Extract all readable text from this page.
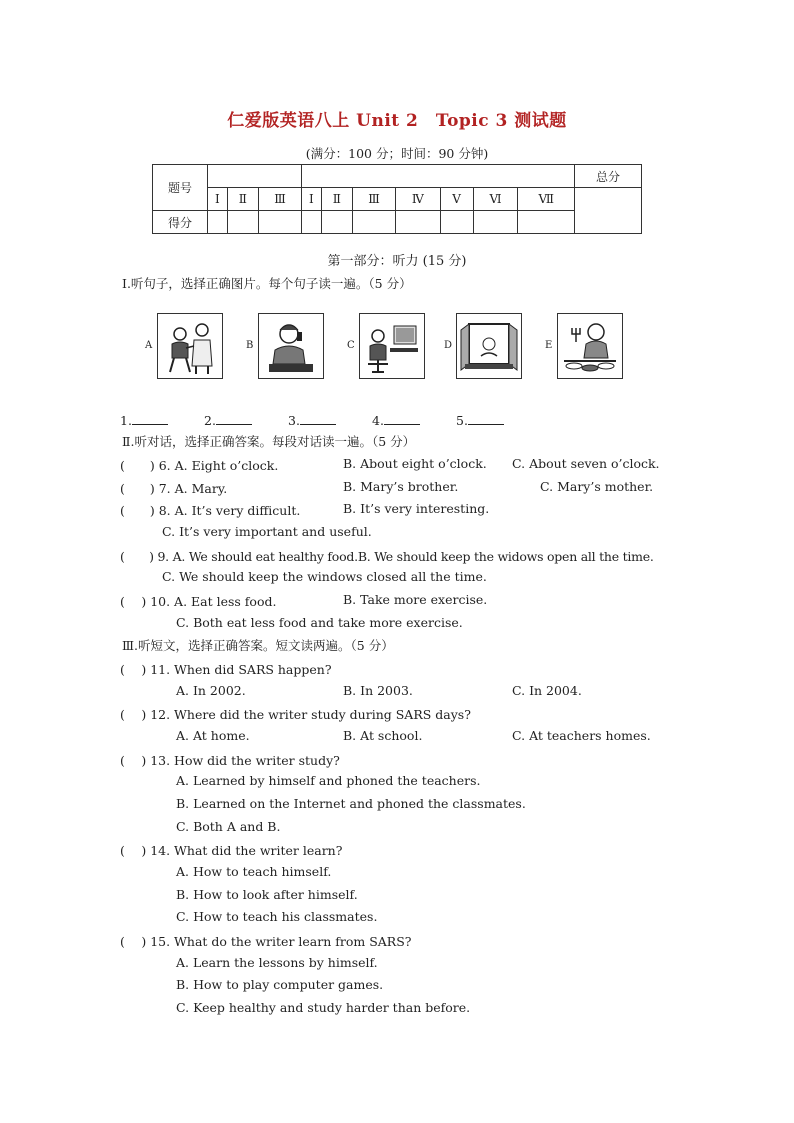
仁爱版英语八上 Unit 2　Topic 3 测试题
(满分：100 分；时间：90 分钟)
题号											总分
	Ⅰ	Ⅱ	Ⅲ	Ⅰ	Ⅱ	Ⅲ	Ⅳ	Ⅴ	Ⅵ	Ⅶ	
得分											
第一部分：听力 (15 分)
Ⅰ.听句子，选择正确图片。每个句子读一遍。（5 分）
A	B	C	D	E
1.	2.	3.	4.	5.
Ⅱ.听对话，选择正确答案。每段对话读一遍。（5 分）
(　　) 6. A. Eight o’clock.	B. About eight o’clock. C. About seven o’clock.
(　　) 7. A. Mary.	B. Mary’s brother.	C. Mary’s mother.
(　　) 8. A. It’s very difficult.	B. It’s very interesting.
C. It’s very important and useful.
(　　) 9. A. We should eat healthy food.B. We should keep the widows open all the time.
C. We should keep the windows closed all the time.
(　 ) 10. A. Eat less food.	B. Take more exercise.
C. Both eat less food and take more exercise.
Ⅲ.听短文，选择正确答案。短文读两遍。（5 分）
(　 ) 11. When did SARS happen?
A. In 2002.	B. In 2003.	C. In 2004.
(　 ) 12. Where did the writer study during SARS days?
A. At home.	B. At school.	C. At teachers homes.
(　 ) 13. How did the writer study?
A. Learned by himself and phoned the teachers.
B. Learned on the Internet and phoned the classmates.
C. Both A and B.
(　 ) 14. What did the writer learn?
A. How to teach himself.
B. How to look after himself.
C. How to teach his classmates.
(　 ) 15. What do the writer learn from SARS?
A. Learn the lessons by himself.
B. How to play computer games.
C. Keep healthy and study harder than before.
